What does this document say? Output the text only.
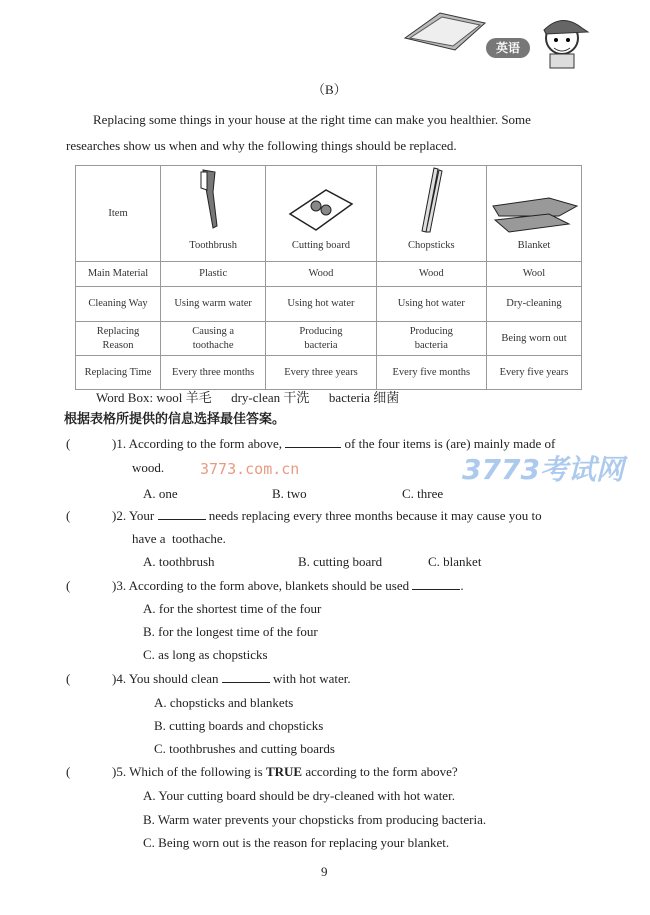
英语
（B）
Replacing some things in your house at the right time can make you healthier. Some
researches show us when and why the following things should be replaced.
Item	Toothbrush	Cutting board	Chopsticks	Blanket
Main Material	Plastic	Wood	Wood	Wool
Cleaning Way	Using warm water	Using hot water	Using hot water	Dry-cleaning
Replacing Reason	Causing a toothache	Producing bacteria	Producing bacteria	Being worn out
Replacing Time	Every three months	Every three years	Every five months	Every five years
Word Box: wool 羊毛      dry-clean 干洗      bacteria 细菌
根据表格所提供的信息选择最佳答案。
3773考试网
3773.com.cn
(	)1. According to the form above,	of the four items is (are) mainly made of
wood.
A. one	B. two	C. three
(	)2. Your	needs replacing every three months because it may cause you to
have a  toothache.
A. toothbrush	B. cutting board	C. blanket
(	)3. According to the form above, blankets should be used	.
A. for the shortest time of the four
B. for the longest time of the four
C. as long as chopsticks
(	)4. You should clean	with hot water.
A. chopsticks and blankets
B. cutting boards and chopsticks
C. toothbrushes and cutting boards
(	)5. Which of the following is TRUE according to the form above?
A. Your cutting board should be dry-cleaned with hot water.
B. Warm water prevents your chopsticks from producing bacteria.
C. Being worn out is the reason for replacing your blanket.
9
